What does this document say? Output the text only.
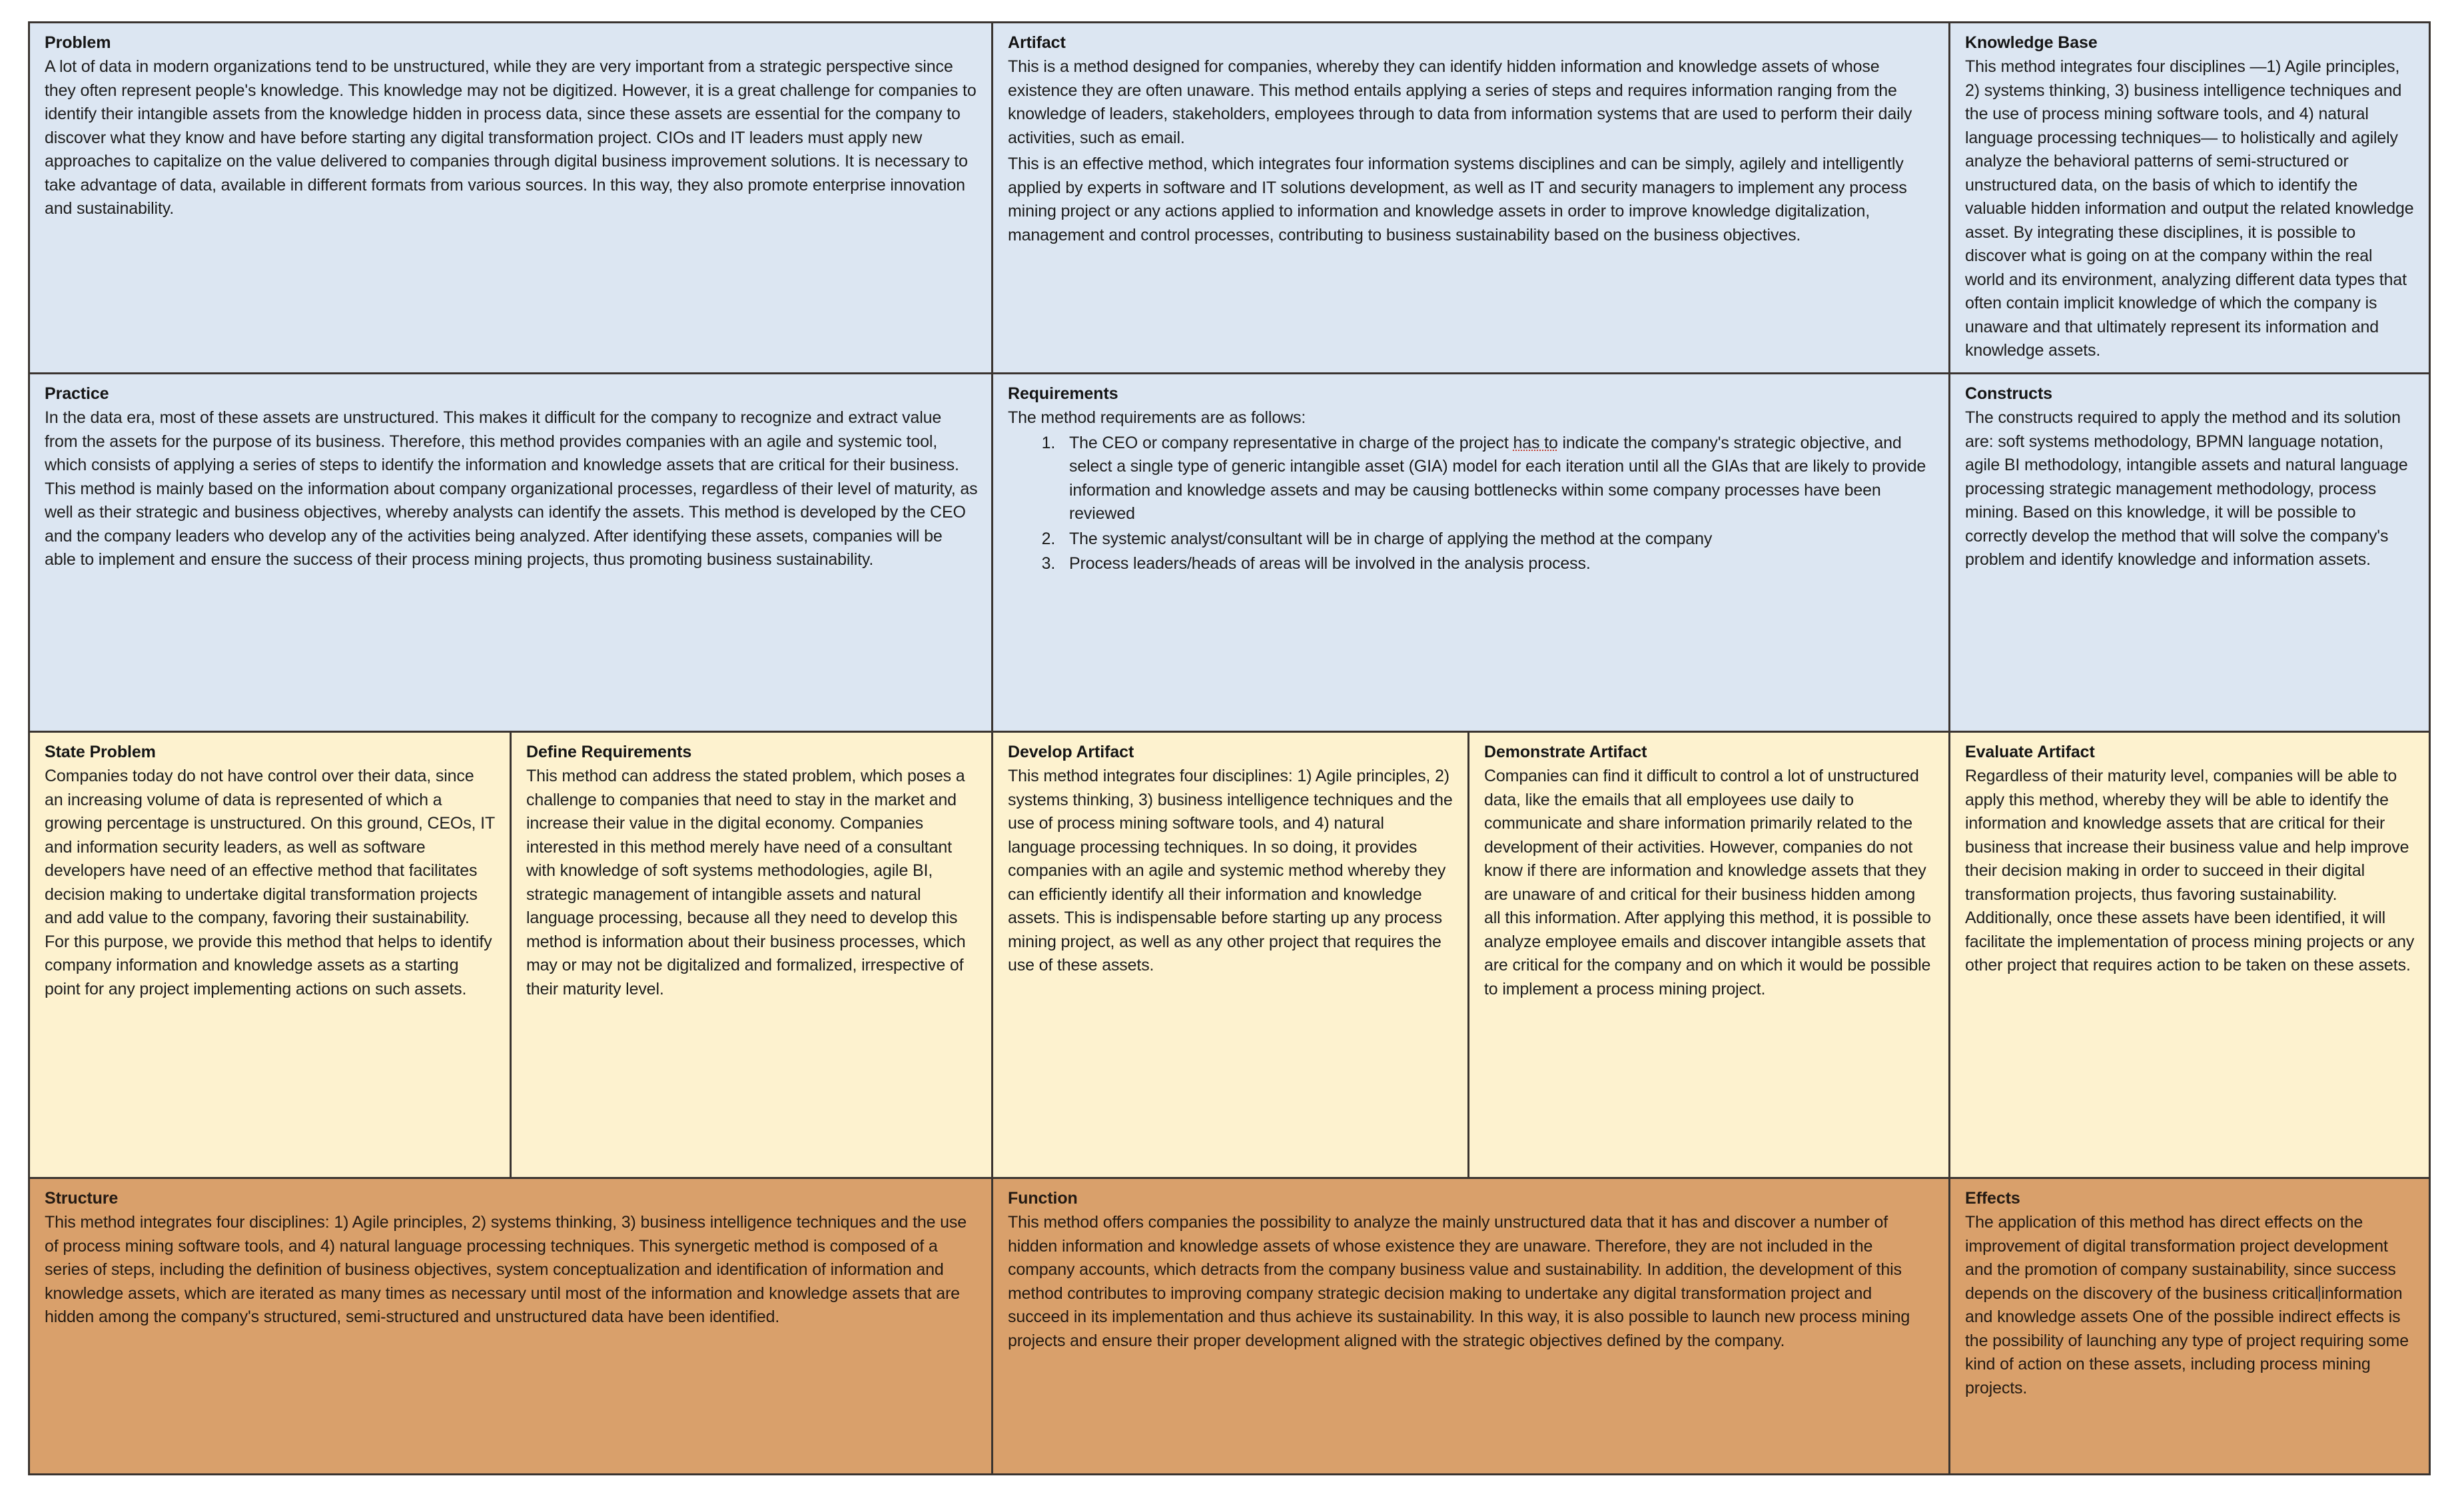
Problem

A lot of data in modern organizations tend to be unstructured, while they are very important from a strategic perspective since they often represent people's knowledge. This knowledge may not be digitized. However, it is a great challenge for companies to identify their intangible assets from the knowledge hidden in process data, since these assets are essential for the company to discover what they know and have before starting any digital transformation project. CIOs and IT leaders must apply new approaches to capitalize on the value delivered to companies through digital business improvement solutions. It is necessary to take advantage of data, available in different formats from various sources. In this way, they also promote enterprise innovation and sustainability.

Artifact

This is a method designed for companies, whereby they can identify hidden information and knowledge assets of whose existence they are often unaware. This method entails applying a series of steps and requires information ranging from the knowledge of leaders, stakeholders, employees through to data from information systems that are used to perform their daily activities, such as email.

This is an effective method, which integrates four information systems disciplines and can be simply, agilely and intelligently applied by experts in software and IT solutions development, as well as IT and security managers to implement any process mining project or any actions applied to information and knowledge assets in order to improve knowledge digitalization, management and control processes, contributing to business sustainability based on the business objectives.

Knowledge Base

This method integrates four disciplines —1) Agile principles, 2) systems thinking, 3) business intelligence techniques and the use of process mining software tools, and 4) natural language processing techniques— to holistically and agilely analyze the behavioral patterns of semi-structured or unstructured data, on the basis of which to identify the valuable hidden information and output the related knowledge asset. By integrating these disciplines, it is possible to discover what is going on at the company within the real world and its environment, analyzing different data types that often contain implicit knowledge of which the company is unaware and that ultimately represent its information and knowledge assets.

Practice

In the data era, most of these assets are unstructured. This makes it difficult for the company to recognize and extract value from the assets for the purpose of its business. Therefore, this method provides companies with an agile and systemic tool, which consists of applying a series of steps to identify the information and knowledge assets that are critical for their business. This method is mainly based on the information about company organizational processes, regardless of their level of maturity, as well as their strategic and business objectives, whereby analysts can identify the assets. This method is developed by the CEO and the company leaders who develop any of the activities being analyzed. After identifying these assets, companies will be able to implement and ensure the success of their process mining projects, thus promoting business sustainability.

Requirements

The method requirements are as follows:

1. The CEO or company representative in charge of the project has to indicate the company's strategic objective, and select a single type of generic intangible asset (GIA) model for each iteration until all the GIAs that are likely to provide information and knowledge assets and may be causing bottlenecks within some company processes have been reviewed
2. The systemic analyst/consultant will be in charge of applying the method at the company
3. Process leaders/heads of areas will be involved in the analysis process.

Constructs

The constructs required to apply the method and its solution are: soft systems methodology, BPMN language notation, agile BI methodology, intangible assets and natural language processing strategic management methodology, process mining. Based on this knowledge, it will be possible to correctly develop the method that will solve the company's problem and identify knowledge and information assets.

State Problem

Companies today do not have control over their data, since an increasing volume of data is represented of which a growing percentage is unstructured. On this ground, CEOs, IT and information security leaders, as well as software developers have need of an effective method that facilitates decision making to undertake digital transformation projects and add value to the company, favoring their sustainability. For this purpose, we provide this method that helps to identify company information and knowledge assets as a starting point for any project implementing actions on such assets.

Define Requirements

This method can address the stated problem, which poses a challenge to companies that need to stay in the market and increase their value in the digital economy. Companies interested in this method merely have need of a consultant with knowledge of soft systems methodologies, agile BI, strategic management of intangible assets and natural language processing, because all they need to develop this method is information about their business processes, which may or may not be digitalized and formalized, irrespective of their maturity level.

Develop Artifact

This method integrates four disciplines: 1) Agile principles, 2) systems thinking, 3) business intelligence techniques and the use of process mining software tools, and 4) natural language processing techniques. In so doing, it provides companies with an agile and systemic method whereby they can efficiently identify all their information and knowledge assets. This is indispensable before starting up any process mining project, as well as any other project that requires the use of these assets.

Demonstrate Artifact

Companies can find it difficult to control a lot of unstructured data, like the emails that all employees use daily to communicate and share information primarily related to the development of their activities. However, companies do not know if there are information and knowledge assets that they are unaware of and critical for their business hidden among all this information. After applying this method, it is possible to analyze employee emails and discover intangible assets that are critical for the company and on which it would be possible to implement a process mining project.

Evaluate Artifact

Regardless of their maturity level, companies will be able to apply this method, whereby they will be able to identify the information and knowledge assets that are critical for their business that increase their business value and help improve their decision making in order to succeed in their digital transformation projects, thus favoring sustainability. Additionally, once these assets have been identified, it will facilitate the implementation of process mining projects or any other project that requires action to be taken on these assets.

Structure

This method integrates four disciplines: 1) Agile principles, 2) systems thinking, 3) business intelligence techniques and the use of process mining software tools, and 4) natural language processing techniques. This synergetic method is composed of a series of steps, including the definition of business objectives, system conceptualization and identification of information and knowledge assets, which are iterated as many times as necessary until most of the information and knowledge assets that are hidden among the company's structured, semi-structured and unstructured data have been identified.

Function

This method offers companies the possibility to analyze the mainly unstructured data that it has and discover a number of hidden information and knowledge assets of whose existence they are unaware. Therefore, they are not included in the company accounts, which detracts from the company business value and sustainability. In addition, the development of this method contributes to improving company strategic decision making to undertake any digital transformation project and succeed in its implementation and thus achieve its sustainability. In this way, it is also possible to launch new process mining projects and ensure their proper development aligned with the strategic objectives defined by the company.

Effects

The application of this method has direct effects on the improvement of digital transformation project development and the promotion of company sustainability, since success depends on the discovery of the business critical information and knowledge assets One of the possible indirect effects is the possibility of launching any type of project requiring some kind of action on these assets, including process mining projects.
